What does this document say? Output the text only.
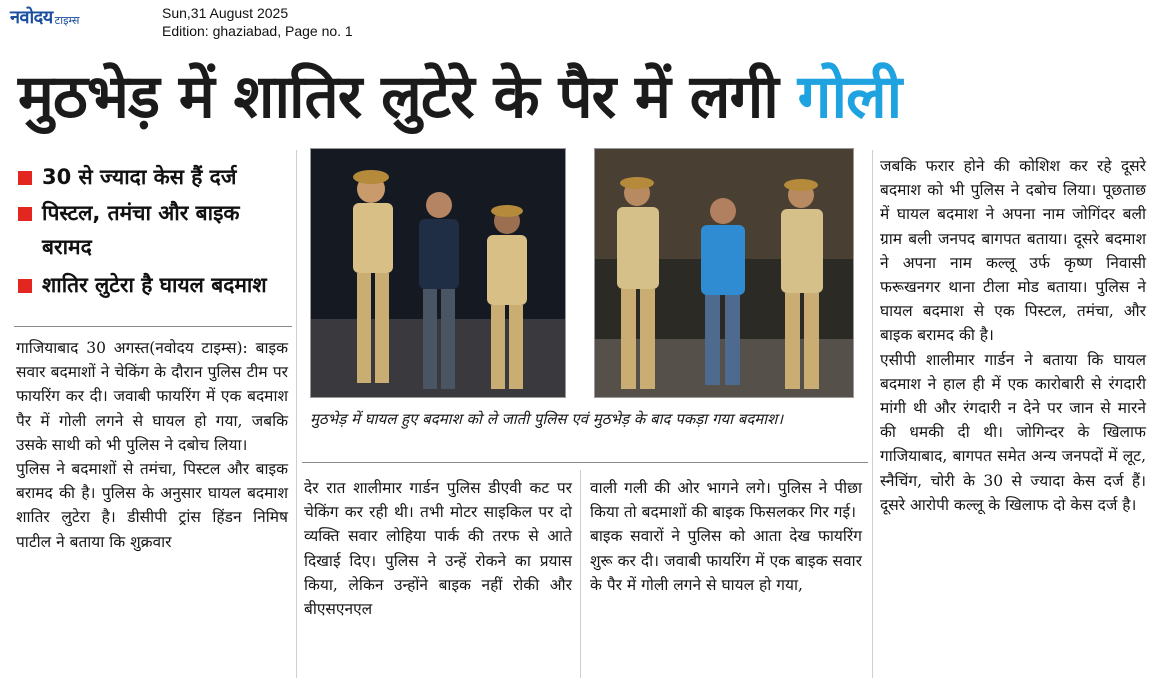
नवोदय टाइम्स	Sun,31 August 2025
Edition: ghaziabad, Page no. 1
मुठभेड़ में शातिर लुटेरे के पैर में लगी गोली
30 से ज्यादा केस हैं दर्ज
पिस्टल, तमंचा और बाइक बरामद
शातिर लुटेरा है घायल बदमाश
गाजियाबाद 30 अगस्त(नवोदय टाइम्स): बाइक सवार बदमाशों ने चेकिंग के दौरान पुलिस टीम पर फायरिंग कर दी। जवाबी फायरिंग में एक बदमाश पैर में गोली लगने से घायल हो गया, जबकि उसके साथी को भी पुलिस ने दबोच लिया।
पुलिस ने बदमाशों से तमंचा, पिस्टल और बाइक बरामद की है। पुलिस के अनुसार घायल बदमाश शातिर लुटेरा है। डीसीपी ट्रांस हिंडन निमिष पाटील ने बताया कि शुक्रवार
मुठभेड़ में घायल हुए बदमाश को ले जाती पुलिस एवं मुठभेड़ के बाद पकड़ा गया बदमाश।
देर रात शालीमार गार्डन पुलिस डीएवी कट पर चेकिंग कर रही थी। तभी मोटर साइकिल पर दो व्यक्ति सवार लोहिया पार्क की तरफ से आते दिखाई दिए। पुलिस ने उन्हें रोकने का प्रयास किया, लेकिन उन्होंने बाइक नहीं रोकी और बीएसएनएल
वाली गली की ओर भागने लगे। पुलिस ने पीछा किया तो बदमाशों की बाइक फिसलकर गिर गई।
बाइक सवारों ने पुलिस को आता देख फायरिंग शुरू कर दी। जवाबी फायरिंग में एक बाइक सवार के पैर में गोली लगने से घायल हो गया,
जबकि फरार होने की कोशिश कर रहे दूसरे बदमाश को भी पुलिस ने दबोच लिया। पूछताछ में घायल बदमाश ने अपना नाम जोगिंदर बली ग्राम बली जनपद बागपत बताया। दूसरे बदमाश ने अपना नाम कल्लू उर्फ कृष्ण निवासी फरूखनगर थाना टीला मोड बताया। पुलिस ने घायल बदमाश से एक पिस्टल, तमंचा, और बाइक बरामद की है।
एसीपी शालीमार गार्डन ने बताया कि घायल बदमाश ने हाल ही में एक कारोबारी से रंगदारी मांगी थी और रंगदारी न देने पर जान से मारने की धमकी दी थी। जोगिन्दर के खिलाफ गाजियाबाद, बागपत समेत अन्य जनपदों में लूट, स्नैचिंग, चोरी के 30 से ज्यादा केस दर्ज हैं। दूसरे आरोपी कल्लू के खिलाफ दो केस दर्ज है।
